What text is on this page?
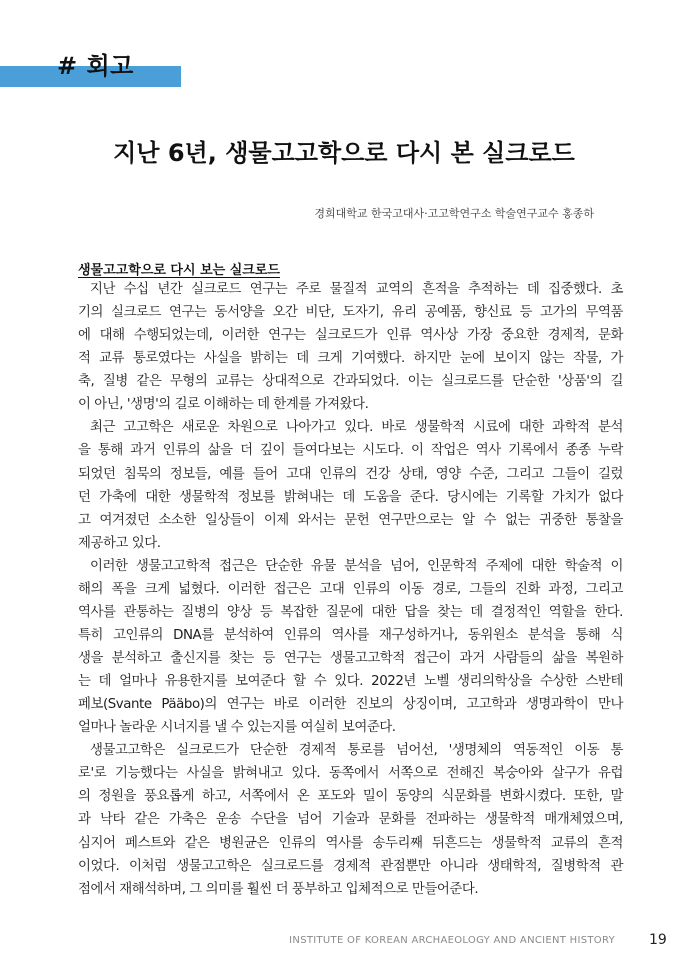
# 회고
지난 6년, 생물고고학으로 다시 본 실크로드
경희대학교 한국고대사·고고학연구소 학술연구교수 홍종하
생물고고학으로 다시 보는 실크로드
지난 수십 년간 실크로드 연구는 주로 물질적 교역의 흔적을 추적하는 데 집중했다. 초
기의 실크로드 연구는 동서양을 오간 비단, 도자기, 유리 공예품, 향신료 등 고가의 무역품
에 대해 수행되었는데, 이러한 연구는 실크로드가 인류 역사상 가장 중요한 경제적, 문화
적 교류 통로였다는 사실을 밝히는 데 크게 기여했다. 하지만 눈에 보이지 않는 작물, 가
축, 질병 같은 무형의 교류는 상대적으로 간과되었다. 이는 실크로드를 단순한 '상품'의 길
이 아닌, '생명'의 길로 이해하는 데 한계를 가져왔다.
최근 고고학은 새로운 차원으로 나아가고 있다. 바로 생물학적 시료에 대한 과학적 분석
을 통해 과거 인류의 삶을 더 깊이 들여다보는 시도다. 이 작업은 역사 기록에서 종종 누락
되었던 침묵의 정보들, 예를 들어 고대 인류의 건강 상태, 영양 수준, 그리고 그들이 길렀
던 가축에 대한 생물학적 정보를 밝혀내는 데 도움을 준다. 당시에는 기록할 가치가 없다
고 여겨졌던 소소한 일상들이 이제 와서는 문헌 연구만으로는 알 수 없는 귀중한 통찰을
제공하고 있다.
이러한 생물고고학적 접근은 단순한 유물 분석을 넘어, 인문학적 주제에 대한 학술적 이
해의 폭을 크게 넓혔다. 이러한 접근은 고대 인류의 이동 경로, 그들의 진화 과정, 그리고
역사를 관통하는 질병의 양상 등 복잡한 질문에 대한 답을 찾는 데 결정적인 역할을 한다.
특히 고인류의 DNA를 분석하여 인류의 역사를 재구성하거나, 동위원소 분석을 통해 식
생을 분석하고 출신지를 찾는 등 연구는 생물고고학적 접근이 과거 사람들의 삶을 복원하
는 데 얼마나 유용한지를 보여준다 할 수 있다. 2022년 노벨 생리의학상을 수상한 스반테
페보(Svante Pääbo)의 연구는 바로 이러한 진보의 상징이며, 고고학과 생명과학이 만나
얼마나 놀라운 시너지를 낼 수 있는지를 여실히 보여준다.
생물고고학은 실크로드가 단순한 경제적 통로를 넘어선, '생명체의 역동적인 이동 통
로'로 기능했다는 사실을 밝혀내고 있다. 동쪽에서 서쪽으로 전해진 복숭아와 살구가 유럽
의 정원을 풍요롭게 하고, 서쪽에서 온 포도와 밀이 동양의 식문화를 변화시켰다. 또한, 말
과 낙타 같은 가축은 운송 수단을 넘어 기술과 문화를 전파하는 생물학적 매개체였으며,
심지어 페스트와 같은 병원균은 인류의 역사를 송두리째 뒤흔드는 생물학적 교류의 흔적
이었다. 이처럼 생물고고학은 실크로드를 경제적 관점뿐만 아니라 생태학적, 질병학적 관
점에서 재해석하며, 그 의미를 훨씬 더 풍부하고 입체적으로 만들어준다.
INSTITUTE OF KOREAN ARCHAEOLOGY AND ANCIENT HISTORY 19
